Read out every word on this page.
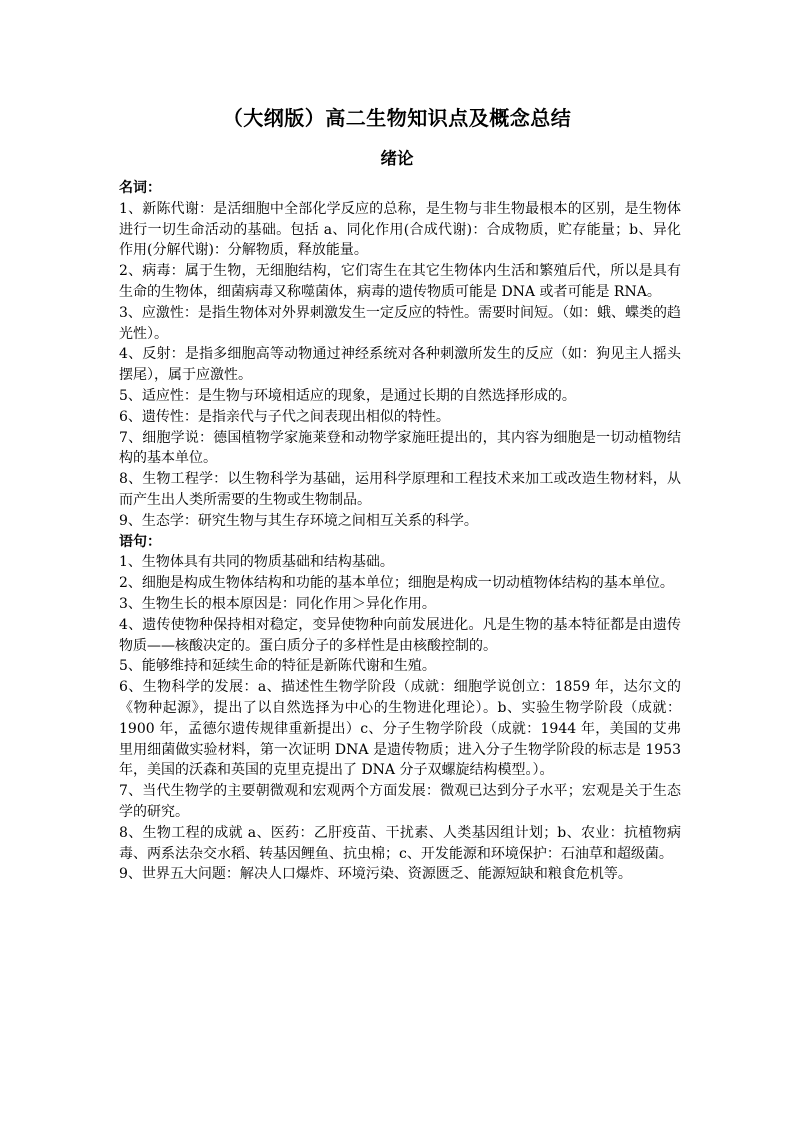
（大纲版）高二生物知识点及概念总结
绪论

名词：

1、新陈代谢：是活细胞中全部化学反应的总称，是生物与非生物最根本的区别，是生物体进行一切生命活动的基础。包括 a、同化作用(合成代谢)：合成物质，贮存能量；b、异化作用(分解代谢)：分解物质，释放能量。

2、病毒：属于生物，无细胞结构，它们寄生在其它生物体内生活和繁殖后代，所以是具有生命的生物体，细菌病毒又称噬菌体，病毒的遗传物质可能是 DNA 或者可能是 RNA。

3、应激性：是指生物体对外界刺激发生一定反应的特性。需要时间短。（如：蛾、蝶类的趋光性）。

4、反射：是指多细胞高等动物通过神经系统对各种刺激所发生的反应（如：狗见主人摇头摆尾），属于应激性。

5、适应性：是生物与环境相适应的现象，是通过长期的自然选择形成的。

6、遗传性：是指亲代与子代之间表现出相似的特性。

7、细胞学说：德国植物学家施莱登和动物学家施旺提出的，其内容为细胞是一切动植物结构的基本单位。

8、生物工程学：以生物科学为基础，运用科学原理和工程技术来加工或改造生物材料，从而产生出人类所需要的生物或生物制品。

9、生态学：研究生物与其生存环境之间相互关系的科学。

语句：

1、生物体具有共同的物质基础和结构基础。

2、细胞是构成生物体结构和功能的基本单位；细胞是构成一切动植物体结构的基本单位。

3、生物生长的根本原因是：同化作用＞异化作用。

4、遗传使物种保持相对稳定，变异使物种向前发展进化。凡是生物的基本特征都是由遗传物质——核酸决定的。蛋白质分子的多样性是由核酸控制的。

5、能够维持和延续生命的特征是新陈代谢和生殖。

6、生物科学的发展：a、描述性生物学阶段（成就：细胞学说创立：1859 年，达尔文的《物种起源》，提出了以自然选择为中心的生物进化理论）。b、实验生物学阶段（成就：1900 年，孟德尔遗传规律重新提出）c、分子生物学阶段（成就：1944 年，美国的艾弗里用细菌做实验材料，第一次证明 DNA 是遗传物质；进入分子生物学阶段的标志是 1953 年，美国的沃森和英国的克里克提出了 DNA 分子双螺旋结构模型。）。

7、当代生物学的主要朝微观和宏观两个方面发展：微观已达到分子水平；宏观是关于生态学的研究。

8、生物工程的成就 a、医药：乙肝疫苗、干扰素、人类基因组计划；b、农业：抗植物病毒、两系法杂交水稻、转基因鲤鱼、抗虫棉；c、开发能源和环境保护：石油草和超级菌。

9、世界五大问题：解决人口爆炸、环境污染、资源匮乏、能源短缺和粮食危机等。
